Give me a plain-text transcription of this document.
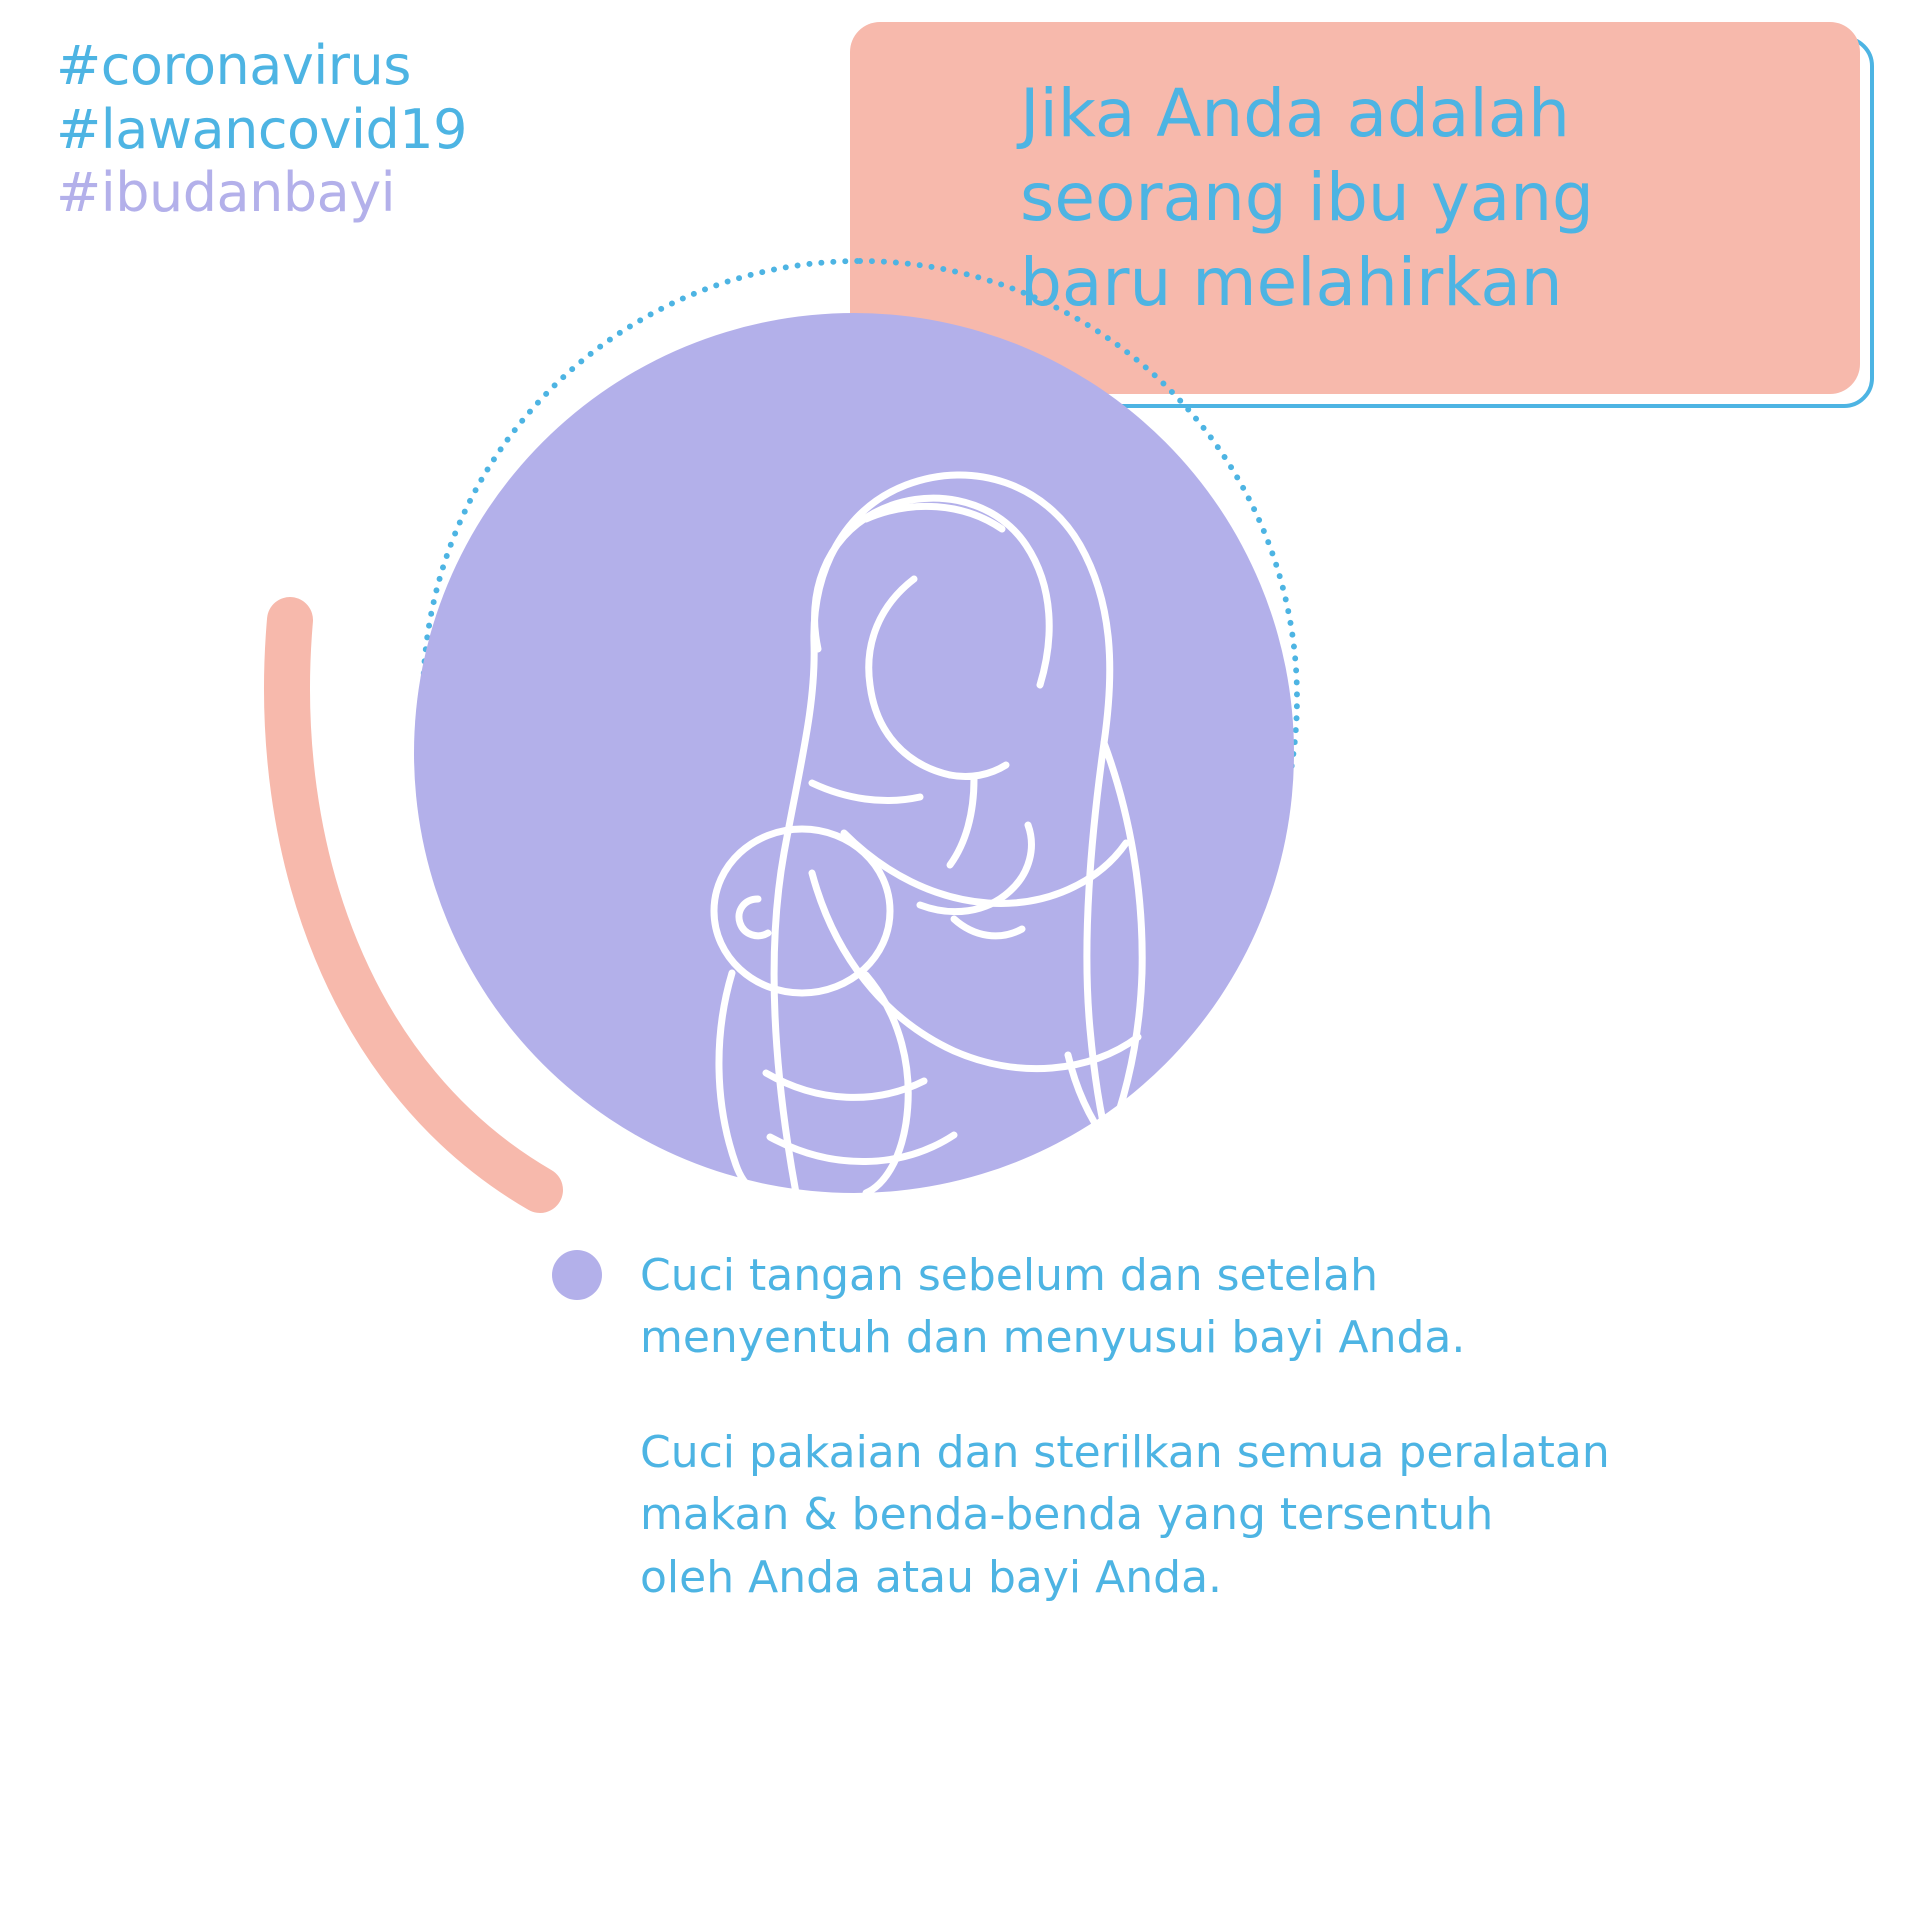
#coronavirus
#lawancovid19
#ibudanbayi
Jika Anda adalah
seorang ibu yang
baru melahirkan

Cuci tangan sebelum dan setelah
menyentuh dan menyusui bayi Anda.

Cuci pakaian dan sterilkan semua peralatan
makan & benda-benda yang tersentuh
oleh Anda atau bayi Anda.
